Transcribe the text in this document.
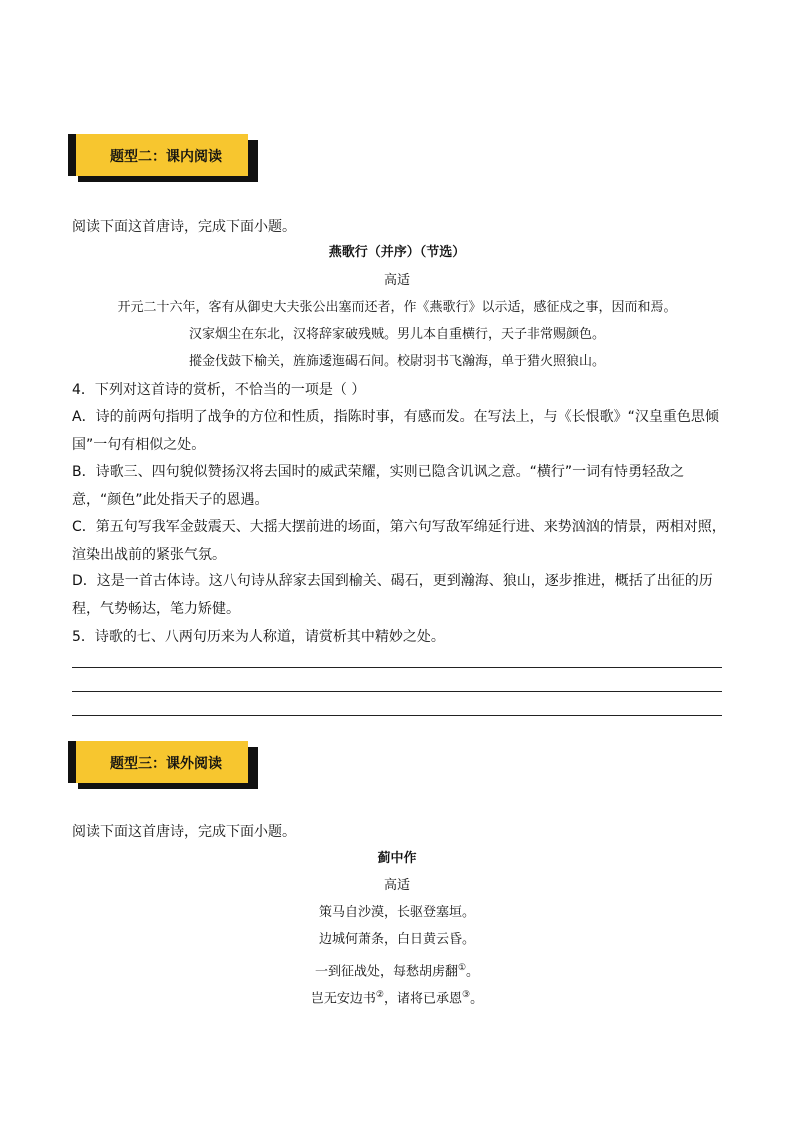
题型二：课内阅读
阅读下面这首唐诗，完成下面小题。
燕歌行（并序）（节选）
高适
开元二十六年，客有从御史大夫张公出塞而还者，作《燕歌行》以示适，感征戍之事，因而和焉。
汉家烟尘在东北，汉将辞家破残贼。男儿本自重横行，天子非常赐颜色。
摐金伐鼓下榆关，旌旆逶迤碣石间。校尉羽书飞瀚海，单于猎火照狼山。
4．下列对这首诗的赏析，不恰当的一项是（ ）
A．诗的前两句指明了战争的方位和性质，指陈时事，有感而发。在写法上，与《长恨歌》“汉皇重色思倾国”一句有相似之处。
B．诗歌三、四句貌似赞扬汉将去国时的威武荣耀，实则已隐含讥讽之意。“横行”一词有恃勇轻敌之意，“颜色”此处指天子的恩遇。
C．第五句写我军金鼓震天、大摇大摆前进的场面，第六句写敌军绵延行进、来势汹汹的情景，两相对照，渲染出战前的紧张气氛。
D．这是一首古体诗。这八句诗从辞家去国到榆关、碣石，更到瀚海、狼山，逐步推进，概括了出征的历程，气势畅达，笔力矫健。
5．诗歌的七、八两句历来为人称道，请赏析其中精妙之处。
题型三：课外阅读
阅读下面这首唐诗，完成下面小题。
蓟中作
高适
策马自沙漠，长驱登塞垣。
边城何萧条，白日黄云昏。
一到征战处，每愁胡虏翻①。
岂无安边书②，诸将已承恩③。
